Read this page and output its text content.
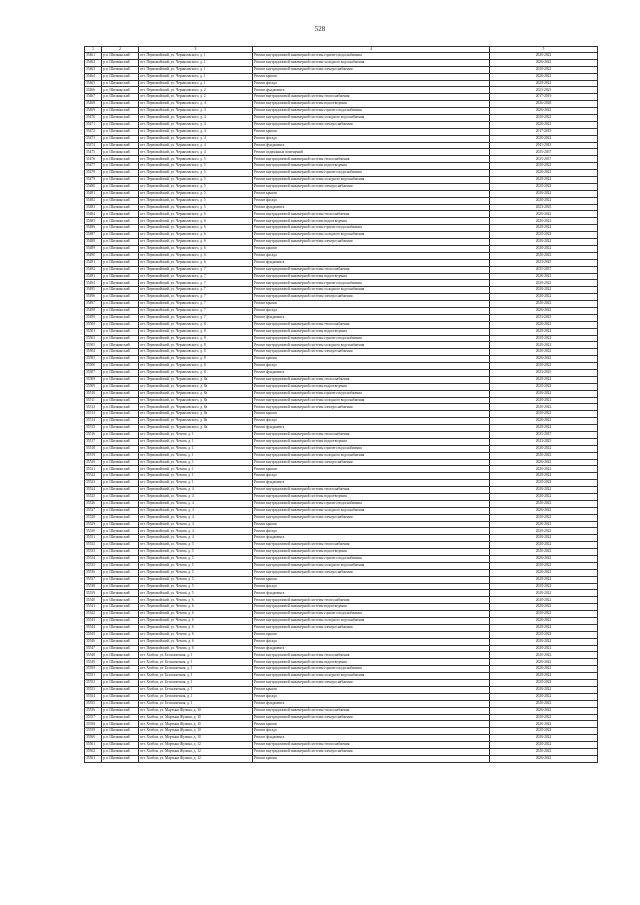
528
1	2	3	4	5
35461	р.п. Шилкинский	пгт. Первомайский, ул. Черняховского, д. 1	Ремонт внутридомовой инженерной системы горячего водоснабжения	2020-2022
35462	р.п. Шилкинский	пгт. Первомайский, ул. Черняховского, д. 1	Ремонт внутридомовой инженерной системы холодного водоснабжения	2020-2022
35463	р.п. Шилкинский	пгт. Первомайский, ул. Черняховского, д. 1	Ремонт внутридомовой инженерной системы электроснабжения	2020-2022
35464	р.п. Шилкинский	пгт. Первомайский, ул. Черняховского, д. 1	Ремонт крыши	2020-2022
35465	р.п. Шилкинский	пгт. Первомайский, ул. Черняховского, д. 1	Ремонт фасада	2020-2022
35466	р.п. Шилкинский	пгт. Первомайский, ул. Черняховского, д. 2	Ремонт фундамента	2023-2025
35467	р.п. Шилкинский	пгт. Первомайский, ул. Черняховского, д. 2	Ремонт внутридомовой инженерной системы теплоснабжения	2017-2019
35468	р.п. Шилкинский	пгт. Первомайский, ул. Черняховского, д. 4	Ремонт внутридомовой инженерной системы водоотведения	2026-2028
35469	р.п. Шилкинский	пгт. Первомайский, ул. Черняховского, д. 4	Ремонт внутридомовой инженерной системы горячего водоснабжения	2020-2022
35470	р.п. Шилкинский	пгт. Первомайский, ул. Черняховского, д. 4	Ремонт внутридомовой инженерной системы холодного водоснабжения	2020-2022
35471	р.п. Шилкинский	пгт. Первомайский, ул. Черняховского, д. 4	Ремонт внутридомовой инженерной системы электроснабжения	2020-2022
35472	р.п. Шилкинский	пгт. Первомайский, ул. Черняховского, д. 4	Ремонт крыши	2017-2019
35473	р.п. Шилкинский	пгт. Первомайский, ул. Черняховского, д. 4	Ремонт фасада	2020-2022
35474	р.п. Шилкинский	пгт. Первомайский, ул. Черняховского, д. 4	Ремонт фундамента	2041-2043
35475	р.п. Шилкинский	пгт. Первомайский, ул. Черняховского, д. 4	Ремонт подвальных помещений	2035-2037
35476	р.п. Шилкинский	пгт. Первомайский, ул. Черняховского, д. 5	Ремонт внутридомовой инженерной системы теплоснабжения	2035-2037
35477	р.п. Шилкинский	пгт. Первомайский, ул. Черняховского, д. 5	Ремонт внутридомовой инженерной системы водоотведения	2020-2022
35478	р.п. Шилкинский	пгт. Первомайский, ул. Черняховского, д. 5	Ремонт внутридомовой инженерной системы горячего водоснабжения	2020-2022
35479	р.п. Шилкинский	пгт. Первомайский, ул. Черняховского, д. 5	Ремонт внутридомовой инженерной системы холодного водоснабжения	2020-2022
35480	р.п. Шилкинский	пгт. Первомайский, ул. Черняховского, д. 5	Ремонт внутридомовой инженерной системы электроснабжения	2020-2022
35481	р.п. Шилкинский	пгт. Первомайский, ул. Черняховского, д. 5	Ремонт крыши	2020-2022
35482	р.п. Шилкинский	пгт. Первомайский, ул. Черняховского, д. 5	Ремонт фасада	2020-2022
35483	р.п. Шилкинский	пгт. Первомайский, ул. Черняховского, д. 5	Ремонт фундамента	2023-2025
35484	р.п. Шилкинский	пгт. Первомайский, ул. Черняховского, д. 6	Ремонт внутридомовой инженерной системы теплоснабжения	2020-2022
35485	р.п. Шилкинский	пгт. Первомайский, ул. Черняховского, д. 6	Ремонт внутридомовой инженерной системы водоотведения	2020-2022
35486	р.п. Шилкинский	пгт. Первомайский, ул. Черняховского, д. 6	Ремонт внутридомовой инженерной системы горячего водоснабжения	2020-2022
35487	р.п. Шилкинский	пгт. Первомайский, ул. Черняховского, д. 6	Ремонт внутридомовой инженерной системы холодного водоснабжения	2020-2022
35488	р.п. Шилкинский	пгт. Первомайский, ул. Черняховского, д. 6	Ремонт внутридомовой инженерной системы электроснабжения	2020-2022
35489	р.п. Шилкинский	пгт. Первомайский, ул. Черняховского, д. 6	Ремонт крыши	2020-2022
35490	р.п. Шилкинский	пгт. Первомайский, ул. Черняховского, д. 6	Ремонт фасада	2020-2022
35491	р.п. Шилкинский	пгт. Первомайский, ул. Черняховского, д. 6	Ремонт фундамента	2023-2025
35492	р.п. Шилкинский	пгт. Первомайский, ул. Черняховского, д. 7	Ремонт внутридомовой инженерной системы теплоснабжения	2035-2037
35493	р.п. Шилкинский	пгт. Первомайский, ул. Черняховского, д. 7	Ремонт внутридомовой инженерной системы водоотведения	2020-2022
35494	р.п. Шилкинский	пгт. Первомайский, ул. Черняховского, д. 7	Ремонт внутридомовой инженерной системы горячего водоснабжения	2020-2022
35495	р.п. Шилкинский	пгт. Первомайский, ул. Черняховского, д. 7	Ремонт внутридомовой инженерной системы холодного водоснабжения	2020-2022
35496	р.п. Шилкинский	пгт. Первомайский, ул. Черняховского, д. 7	Ремонт внутридомовой инженерной системы электроснабжения	2020-2022
35497	р.п. Шилкинский	пгт. Первомайский, ул. Черняховского, д. 7	Ремонт крыши	2020-2022
35498	р.п. Шилкинский	пгт. Первомайский, ул. Черняховского, д. 7	Ремонт фасада	2020-2022
35499	р.п. Шилкинский	пгт. Первомайский, ул. Черняховского, д. 7	Ремонт фундамента	2023-2025
35500	р.п. Шилкинский	пгт. Первомайский, ул. Черняховского, д. 8	Ремонт внутридомовой инженерной системы теплоснабжения	2020-2022
35501	р.п. Шилкинский	пгт. Первомайский, ул. Черняховского, д. 8	Ремонт внутридомовой инженерной системы водоотведения	2020-2022
35502	р.п. Шилкинский	пгт. Первомайский, ул. Черняховского, д. 8	Ремонт внутридомовой инженерной системы горячего водоснабжения	2020-2022
35503	р.п. Шилкинский	пгт. Первомайский, ул. Черняховского, д. 8	Ремонт внутридомовой инженерной системы холодного водоснабжения	2020-2022
35504	р.п. Шилкинский	пгт. Первомайский, ул. Черняховского, д. 8	Ремонт внутридомовой инженерной системы электроснабжения	2020-2022
35505	р.п. Шилкинский	пгт. Первомайский, ул. Черняховского, д. 8	Ремонт крыши	2020-2022
35506	р.п. Шилкинский	пгт. Первомайский, ул. Черняховского, д. 8	Ремонт фасада	2020-2022
35507	р.п. Шилкинский	пгт. Первомайский, ул. Черняховского, д. 8	Ремонт фундамента	2023-2025
35508	р.п. Шилкинский	пгт. Первомайский, ул. Черняховского, д. 8а	Ремонт внутридомовой инженерной системы теплоснабжения	2020-2022
35509	р.п. Шилкинский	пгт. Первомайский, ул. Черняховского, д. 8а	Ремонт внутридомовой инженерной системы водоотведения	2020-2022
35510	р.п. Шилкинский	пгт. Первомайский, ул. Черняховского, д. 8а	Ремонт внутридомовой инженерной системы горячего водоснабжения	2020-2022
35511	р.п. Шилкинский	пгт. Первомайский, ул. Черняховского, д. 8а	Ремонт внутридомовой инженерной системы холодного водоснабжения	2020-2022
35512	р.п. Шилкинский	пгт. Первомайский, ул. Черняховского, д. 8а	Ремонт внутридомовой инженерной системы электроснабжения	2020-2022
35513	р.п. Шилкинский	пгт. Первомайский, ул. Черняховского, д. 8а	Ремонт крыши	2020-2022
35514	р.п. Шилкинский	пгт. Первомайский, ул. Черняховского, д. 8а	Ремонт фасада	2020-2022
35515	р.п. Шилкинский	пгт. Первомайский, ул. Черняховского, д. 8а	Ремонт фундамента	2020-2022
35516	р.п. Шилкинский	пгт. Первомайский, ул. Чехова, д. 1	Ремонт внутридомовой инженерной системы теплоснабжения	2035-2037
35517	р.п. Шилкинский	пгт. Первомайский, ул. Чехова, д. 1	Ремонт внутридомовой инженерной системы водоотведения	2023-2025
35518	р.п. Шилкинский	пгт. Первомайский, ул. Чехова, д. 1	Ремонт внутридомовой инженерной системы горячего водоснабжения	2020-2022
35519	р.п. Шилкинский	пгт. Первомайский, ул. Чехова, д. 1	Ремонт внутридомовой инженерной системы холодного водоснабжения	2020-2022
35520	р.п. Шилкинский	пгт. Первомайский, ул. Чехова, д. 1	Ремонт внутридомовой инженерной системы электроснабжения	2020-2022
35521	р.п. Шилкинский	пгт. Первомайский, ул. Чехова, д. 1	Ремонт крыши	2020-2022
35522	р.п. Шилкинский	пгт. Первомайский, ул. Чехова, д. 1	Ремонт фасада	2020-2022
35523	р.п. Шилкинский	пгт. Первомайский, ул. Чехова, д. 1	Ремонт фундамента	2020-2022
35524	р.п. Шилкинский	пгт. Первомайский, ул. Чехова, д. 4	Ремонт внутридомовой инженерной системы теплоснабжения	2020-2022
35525	р.п. Шилкинский	пгт. Первомайский, ул. Чехова, д. 4	Ремонт внутридомовой инженерной системы водоотведения	2020-2022
35526	р.п. Шилкинский	пгт. Первомайский, ул. Чехова, д. 4	Ремонт внутридомовой инженерной системы горячего водоснабжения	2020-2022
35527	р.п. Шилкинский	пгт. Первомайский, ул. Чехова, д. 4	Ремонт внутридомовой инженерной системы холодного водоснабжения	2020-2022
35528	р.п. Шилкинский	пгт. Первомайский, ул. Чехова, д. 4	Ремонт внутридомовой инженерной системы электроснабжения	2020-2022
35529	р.п. Шилкинский	пгт. Первомайский, ул. Чехова, д. 4	Ремонт крыши	2020-2022
35530	р.п. Шилкинский	пгт. Первомайский, ул. Чехова, д. 4	Ремонт фасада	2020-2022
35531	р.п. Шилкинский	пгт. Первомайский, ул. Чехова, д. 4	Ремонт фундамента	2020-2022
35532	р.п. Шилкинский	пгт. Первомайский, ул. Чехова, д. 5	Ремонт внутридомовой инженерной системы теплоснабжения	2020-2022
35533	р.п. Шилкинский	пгт. Первомайский, ул. Чехова, д. 5	Ремонт внутридомовой инженерной системы водоотведения	2020-2022
35534	р.п. Шилкинский	пгт. Первомайский, ул. Чехова, д. 5	Ремонт внутридомовой инженерной системы горячего водоснабжения	2020-2022
35535	р.п. Шилкинский	пгт. Первомайский, ул. Чехова, д. 5	Ремонт внутридомовой инженерной системы холодного водоснабжения	2020-2022
35536	р.п. Шилкинский	пгт. Первомайский, ул. Чехова, д. 5	Ремонт внутридомовой инженерной системы электроснабжения	2020-2022
35537	р.п. Шилкинский	пгт. Первомайский, ул. Чехова, д. 5	Ремонт крыши	2020-2022
35538	р.п. Шилкинский	пгт. Первомайский, ул. Чехова, д. 5	Ремонт фасада	2020-2022
35539	р.п. Шилкинский	пгт. Первомайский, ул. Чехова, д. 5	Ремонт фундамента	2020-2022
35540	р.п. Шилкинский	пгт. Первомайский, ул. Чехова, д. 6	Ремонт внутридомовой инженерной системы теплоснабжения	2020-2022
35541	р.п. Шилкинский	пгт. Первомайский, ул. Чехова, д. 6	Ремонт внутридомовой инженерной системы водоотведения	2020-2022
35542	р.п. Шилкинский	пгт. Первомайский, ул. Чехова, д. 6	Ремонт внутридомовой инженерной системы горячего водоснабжения	2020-2022
35543	р.п. Шилкинский	пгт. Первомайский, ул. Чехова, д. 6	Ремонт внутридомовой инженерной системы холодного водоснабжения	2020-2022
35544	р.п. Шилкинский	пгт. Первомайский, ул. Чехова, д. 6	Ремонт внутридомовой инженерной системы электроснабжения	2020-2022
35545	р.п. Шилкинский	пгт. Первомайский, ул. Чехова, д. 6	Ремонт крыши	2020-2022
35546	р.п. Шилкинский	пгт. Первомайский, ул. Чехова, д. 6	Ремонт фасада	2020-2022
35547	р.п. Шилкинский	пгт. Первомайский, ул. Чехова, д. 6	Ремонт фундамента	2020-2022
35548	р.п. Шилкинский	пгт. Холбон, ул. Бесшапочная, д. 1	Ремонт внутридомовой инженерной системы теплоснабжения	2020-2022
35549	р.п. Шилкинский	пгт. Холбон, ул. Бесшапочная, д. 1	Ремонт внутридомовой инженерной системы водоотведения	2020-2022
35550	р.п. Шилкинский	пгт. Холбон, ул. Бесшапочная, д. 1	Ремонт внутридомовой инженерной системы горячего водоснабжения	2020-2022
35551	р.п. Шилкинский	пгт. Холбон, ул. Бесшапочная, д. 1	Ремонт внутридомовой инженерной системы холодного водоснабжения	2020-2022
35552	р.п. Шилкинский	пгт. Холбон, ул. Бесшапочная, д. 1	Ремонт внутридомовой инженерной системы электроснабжения	2020-2022
35553	р.п. Шилкинский	пгт. Холбон, ул. Бесшапочная, д. 1	Ремонт крыши	2020-2022
35554	р.п. Шилкинский	пгт. Холбон, ул. Бесшапочная, д. 1	Ремонт фасада	2020-2022
35555	р.п. Шилкинский	пгт. Холбон, ул. Бесшапочная, д. 1	Ремонт фундамента	2020-2022
35556	р.п. Шилкинский	пгт. Холбон, ул. Мартына Жулина, д. 10	Ремонт внутридомовой инженерной системы теплоснабжения	2020-2022
35557	р.п. Шилкинский	пгт. Холбон, ул. Мартына Жулина, д. 10	Ремонт внутридомовой инженерной системы электроснабжения	2020-2022
35558	р.п. Шилкинский	пгт. Холбон, ул. Мартына Жулина, д. 10	Ремонт крыши	2020-2022
35559	р.п. Шилкинский	пгт. Холбон, ул. Мартына Жулина, д. 10	Ремонт фасада	2020-2022
35560	р.п. Шилкинский	пгт. Холбон, ул. Мартына Жулина, д. 10	Ремонт фундамента	2020-2022
35561	р.п. Шилкинский	пгт. Холбон, ул. Мартына Жулина, д. 12	Ремонт внутридомовой инженерной системы теплоснабжения	2020-2022
35562	р.п. Шилкинский	пгт. Холбон, ул. Мартына Жулина, д. 12	Ремонт внутридомовой инженерной системы электроснабжения	2020-2022
35563	р.п. Шилкинский	пгт. Холбон, ул. Мартына Жулина, д. 12	Ремонт крыши	2020-2022
